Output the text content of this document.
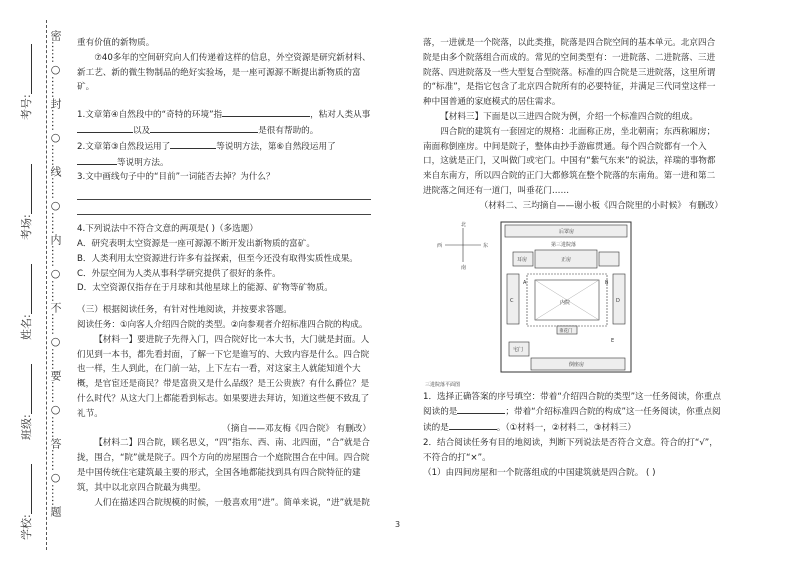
密……○……封……○……线……○……内……○……不……○……要……○……答……○……题
考号:
考场:
姓名:
班级:
学校:

重有价值的新物质。

⑦40多年的空间研究向人们传递着这样的信息，外空资源是研究新材料、新工艺、新的微生物制品的绝好实验场，是一座可源源不断提出新物质的富矿。

1.文章第④自然段中的“奇特的环境”指	，粘对人类从事以及	是很有帮助的。

2.文章第③自然段运用了	等说明方法，第⑥自然段运用了等说明方法。

3.文中画线句子中的“目前”一词能否去掉？为什么？

4.下列说法中不符合文意的两项是( )（多选题）

A．研究表明太空资源是一座可源源不断开发出新物质的富矿。

B．人类利用太空资源进行许多有益探索，但至今还没有取得实质性成果。

C．外层空间为人类从事科学研究提供了很好的条件。

D．太空资源仅指存在于月球和其他星球上的能源、矿物等矿物质。

（三）根据阅读任务，有针对性地阅读，并按要求答题。

阅读任务：①向客人介绍四合院的类型。②向参观者介绍标准四合院的构成。

【材料一】要进院子先得入门，四合院好比一本大书，大门就是封面。人们见到一本书，都先看封面，了解一下它是谁写的、大致内容是什么。四合院也一样，生人到此，在门前一站，上下左右一看，对这家主人就能知道个大概，是官宦还是商民？带是富贵又是什么品级？是王公贵族？有什么爵位？是什么时代？从这大门上都能看到标志。如果要进去拜访，知道这些便不致乱了礼节。

（摘自——邓友梅《四合院》 有删改）

【材料二】四合院，顾名思义，“四”指东、西、南、北四面，“合”就是合拢，围合，“院”就是院子。四个方向的房屋围合一个庭院围合在中间。四合院是中国传统住宅建筑最主要的形式，全国各地都能找到具有四合院特征的建筑，其中以北京四合院最为典型。

人们在描述四合院规模的时候，一般喜欢用“进”。简单来说，“进”就是院

落，一进就是一个院落，以此类推，院落是四合院空间的基本单元。北京四合院是由多个院落组合而成的。常见的空间类型有：一进院落、二进院落、三进院落、四进院落及一些大型复合型院落。标准的四合院是三进院落，这里所谓的“标准”，是指它包含了北京四合院所有的必要特征，并满足三代同堂这样一种中国普通的家庭模式的居住需求。

【材料三】下面是以三进四合院为例，介绍一个标准四合院的组成。

四合院的建筑有一套固定的规格：北面称正房，坐北朝南；东西称厢房；南面称倒座房。中间是院子，整体由抄手游廊贯通。每个四合院都有一个入口，这就是正门，又叫做门或宅门。中国有“紫气东来”的说法，祥瑞的事物都来自东南方，所以四合院的正门大都修筑在整个院落的东南角。第一进和第二进院落之间还有一道门，叫垂花门……

（材料二、三均摘自——谢小板《四合院里的小时候》 有删改）

北
南
西	东
后罩房
第三进院落
耳房	正房
C	D
A	B
内院
垂花门
E
宅门
倒座房
三进院落平面图

1．选择正确答案的序号填空：带着“介绍四合院的类型”这一任务阅读，你重点阅读的是	；带着“介绍标准四合院的构成”这一任务阅读，你重点阅读的是	。（①材料一，②材料二，③材料三）

2．结合阅读任务有目的地阅读，判断下列说法是否符合文意。符合的打“√”，不符合的打“×”。

（1）由四间房屋和一个院落组成的中国建筑就是四合院。 ( )

3
